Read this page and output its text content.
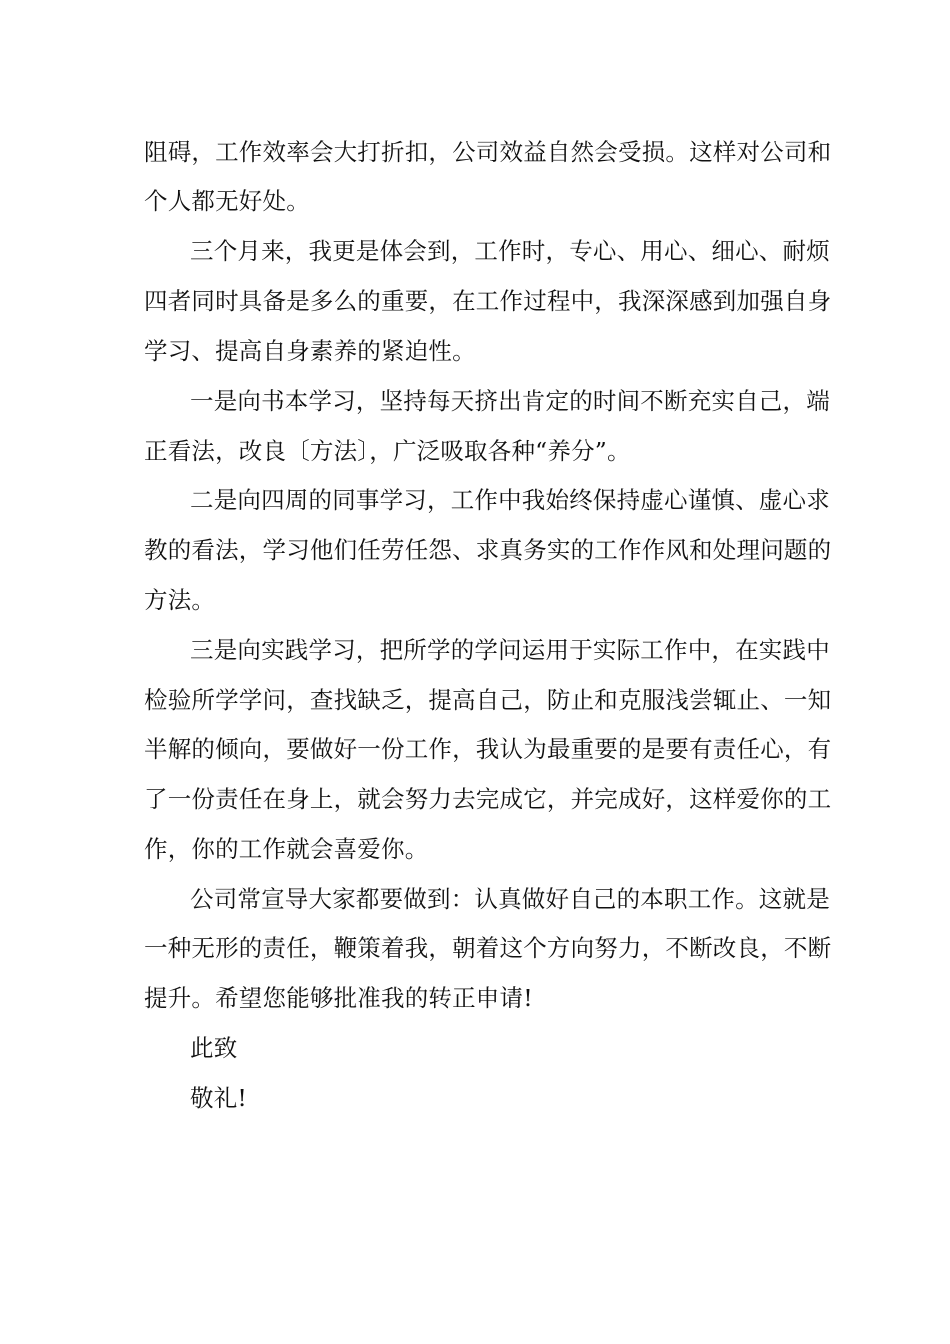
阻碍，工作效率会大打折扣，公司效益自然会受损。这样对公司和
个人都无好处。
三个月来，我更是体会到，工作时，专心、用心、细心、耐烦
四者同时具备是多么的重要，在工作过程中，我深深感到加强自身
学习、提高自身素养的紧迫性。
一是向书本学习，坚持每天挤出肯定的时间不断充实自己，端
正看法，改良〔方法〕，广泛吸取各种“养分”。
二是向四周的同事学习，工作中我始终保持虚心谨慎、虚心求
教的看法，学习他们任劳任怨、求真务实的工作作风和处理问题的
方法。
三是向实践学习，把所学的学问运用于实际工作中，在实践中
检验所学学问，查找缺乏，提高自己，防止和克服浅尝辄止、一知
半解的倾向，要做好一份工作，我认为最重要的是要有责任心，有
了一份责任在身上，就会努力去完成它，并完成好，这样爱你的工
作，你的工作就会喜爱你。
公司常宣导大家都要做到：认真做好自己的本职工作。这就是
一种无形的责任，鞭策着我，朝着这个方向努力，不断改良，不断
提升。希望您能够批准我的转正申请!
此致
敬礼!
